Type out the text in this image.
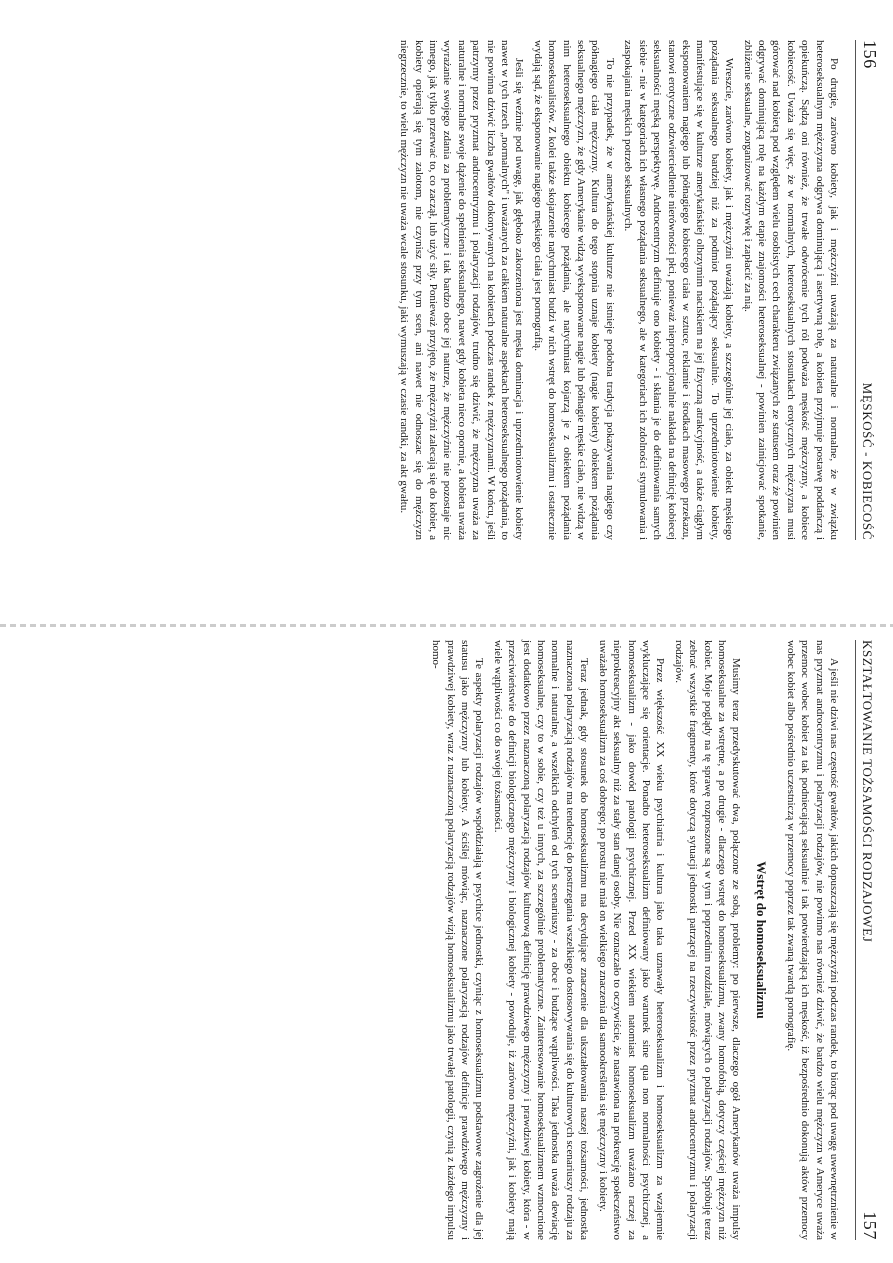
156
MĘSKOŚĆ - KOBIECOŚĆ

Po drugie, zarówno kobiety, jak i mężczyźni uważają za naturalne i normalne, że w związku heteroseksualnym mężczyzna odgrywa dominującą i asertywną rolę, a kobieta przyjmuje postawę poddańczą i opiekuńczą. Sądzą oni również, że trwałe odwrócenie tych ról podważa męskość mężczyzny, a kobiece kobiecość. Uważa się więc, że w normalnych, heteroseksualnych stosunkach erotycznych mężczyzna musi górować nad kobietą pod względem wielu osobistych cech charakteru związanych ze statusem oraz że powinien odgrywać dominującą rolę na każdym etapie znajomości heteroseksualnej - powinien zainicjować spotkanie, zbliżenie seksualne, zorganizować rozrywkę i zapłacić za nią.

Wreszcie, zarówno kobiety, jak i mężczyźni uważają kobiety, a szczególnie jej ciało, za obiekt męskiego pożądania seksualnego bardziej niż za podmiot pożądający seksualnie. To uprzedmiotowienie kobiety, manifestujące się w kulturze amerykańskiej olbrzymim naciskiem na jej fizyczną atrakcyjność, a także ciągłym eksponowaniem nagiego lub półnagiego kobiecego ciała w sztuce, reklamie i środkach masowego przekazu, stanowi erotyczne odzwierciedlenie nierówności płci, ponieważ nieproporcjonalnie nakłada na definicję kobiecej seksualności męską perspektywę. Androcentryzm definiuje ono kobiety - i skłania je do definiowania samych siebie - nie w kategoriach ich własnego pożądania seksualnego, ale w kategoriach ich zdolności stymulowania i zaspokajania męskich potrzeb seksualnych.

To nie przypadek, że w amerykańskiej kulturze nie istnieje podobna tradycja pokazywania nagiego czy półnagiego ciała mężczyzny. Kultura do tego stopnia uznaje kobiety (nagie kobiety) obiektem pożądania seksualnego mężczyzn, że gdy Amerykanie widzą wyeksponowane nagie lub półnagie męskie ciało, nie widzą w nim heteroseksualnego obiektu kobiecego pożądania, ale natychmiast kojarzą je z obiektem pożądania homoseksualistów. Z kolei także skojarzenie natychmiast budzi w nich wstręt do homoseksualizmu i ostatecznie wydają sąd, że eksponowanie nagiego męskiego ciała jest pornografią.

Jeśli się weźmie pod uwagę, jak głęboko zakorzeniona jest męska dominacja i uprzedmiotowienie kobiety nawet w tych trzech „normalnych" i uważanych za całkiem naturalne aspektach heteroseksualnego pożądania, to nie powinna dziwić liczba gwałtów dokonywanych na kobietach podczas randek z mężczyznami. W końcu, jeśli patrzymy przez pryzmat androcentryzmu i polaryzacji rodzajów, trudno się dziwić, że mężczyzna uważa za naturalne i normalne swoje dążenie do spełnienia seksualnego, nawet gdy kobieta nieco opornie, a kobieta uważa wyrażanie swojego zdania za problematyczne i tak bardzo obce jej naturze, że mężczyźnie nie pozostaje nic innego, jak tylko przerwać to, co zaczął, lub użyć siły. Ponieważ przyjęto, że mężczyźni zalecają się do kobiet, a kobiety opierają się tym zalotom, nie czynisz przy tym scen, ani nawet nie odnoszac się do mężczyzn niegrzecznie, to wielu mężczyzn nie uważa wcale stosunku, jaki wymuszają w czasie randki, za akt gwałtu.

KSZTAŁTOWANIE TOŻSAMOŚCI RODZAJOWEJ
157

A jeśli nie dziwi nas częstość gwałtów, jakich dopuszczają się mężczyźni podczas randek, to biorąc pod uwagę uwewnętrznienie w nas pryzmat androcentryzmu i polaryzacji rodzajów, nie powinno nas również dziwić, że bardzo wielu mężczyzn w Ameryce uważa przemoc wobec kobiet za tak podniecającą seksualnie i tak potwierdzającą ich męskość, iż bezpośrednio dokonują aktów przemocy wobec kobiet albo pośrednio uczestniczą w przemocy poprzez tak zwaną twardą pornografię.

Wstręt do homoseksualizmu

Musimy teraz przedyskutować dwa, połączone ze sobą, problemy: po pierwsze, dlaczego ogół Amerykanów uważa impulsy homoseksualne za wstrętne, a po drugie - dlaczego wstręt do homoseksualizmu, zwany homofobią, dotyczy częściej mężczyzn niż kobiet. Moje poglądy na tę sprawę rozproszone są w tym i poprzednim rozdziale, mówiących o polaryzacji rodzajów. Spróbuję teraz zebrać wszystkie fragmenty, które dotyczą sytuacji jednostki patrzącej na rzeczywistość przez pryzmat androcentryzmu i polaryzacji rodzajów.

Przez większość XX wieku psychiatria i kultura jako taka uznawały heteroseksualizm i homoseksualizm za wzajemnie wykluczające się orientacje. Ponadto heteroseksualizm definiowany jako warunek sine qua non normalności psychicznej, a homoseksualizm - jako dowód patologii psychicznej. Przed XX wiekiem natomiast homoseksualizm uważano raczej za nieprokreacyjny akt seksualny niż za stały stan danej osoby. Nie oznaczało to oczywiście, że nastawiona na prokreację społeczeństwo uważało homoseksualizm za coś dobrego; po prostu nie miał on wielkiego znaczenia dla samookreślenia się mężczyzny i kobiety.

Teraz jednak, gdy stosunek do homoseksualizmu ma decydujące znaczenie dla ukształtowania naszej tożsamości, jednostka naznaczona polaryzacją rodzajów ma tendencję do postrzegania wszelkiego dostosowywania się do kulturowych scenariuszy rodzaju za normalne i naturalne, a wszelkich odchyleń od tych scenariuszy - za obce i budzące wątpliwości. Taka jednostka uważa dewiację homoseksualne, czy to w sobie, czy też u innych, za szczególnie problematyczne. Zainteresowanie homoseksualizmem wzmocnione jest dodatkowo przez naznaczoną polaryzacją rodzajów kulturową definicję prawdziwego mężczyzny i prawdziwej kobiety, która - w przeciwieństwie do definicji biologicznego mężczyzny i biologicznej kobiety - powoduje, iż zarówno mężczyźni, jak i kobiety mają wiele wątpliwości co do swojej tożsamości.

Te aspekty polaryzacji rodzajów współdziałają w psychice jednostki, czyniąc z homoseksualizmu podstawowe zagrożenie dla jej statusu jako mężczyzny lub kobiety. A ściślej mówiąc, naznaczone polaryzacją rodzajów definicje prawdziwego mężczyzny i prawdziwej kobiety, wraz z naznaczoną polaryzacją rodzajów wizją homoseksualizmu jako trwałej patologii, czynią z każdego impulsu homo-
